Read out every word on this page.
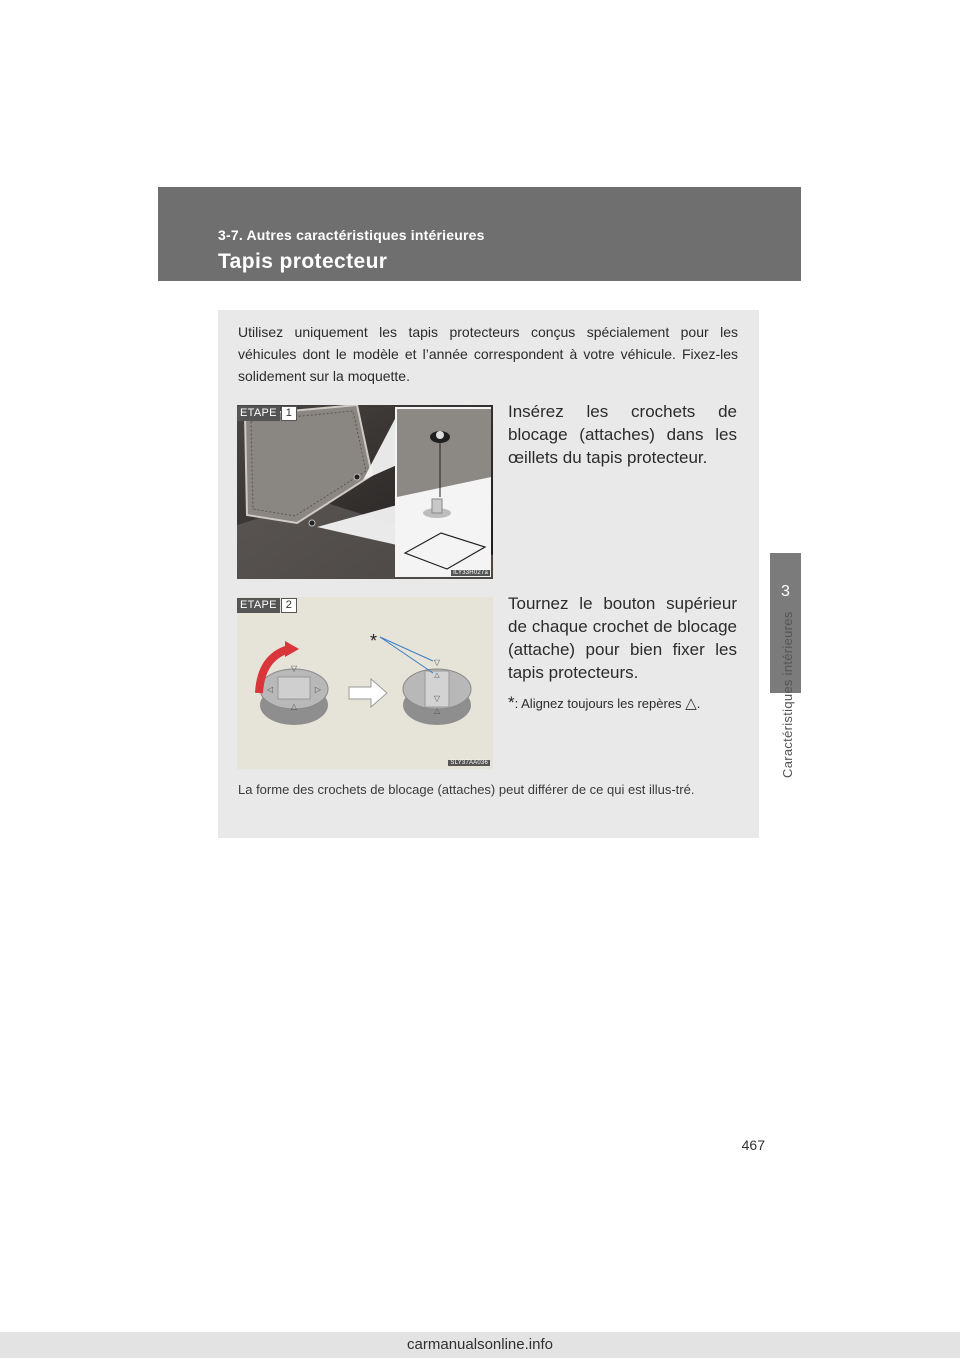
3-7. Autres caractéristiques intérieures
Tapis protecteur
3
Caractéristiques intérieures
Utilisez uniquement les tapis protecteurs conçus spécialement pour les véhicules dont le modèle et l’année correspondent à votre véhicule. Fixez-les solidement sur la moquette.
ETAPE 1
ILY33H027a
Insérez les crochets de blocage (attaches) dans les œillets du tapis protecteur.
ETAPE 2
▽
△
◁	▷
▽
△
▽
△
*
SLY37AA036
Tournez le bouton supérieur de chaque crochet de blocage (attache) pour bien fixer les tapis protecteurs.
*: Alignez toujours les repères △.
La forme des crochets de blocage (attaches) peut différer de ce qui est illus-tré.
467
carmanualsonline.info
